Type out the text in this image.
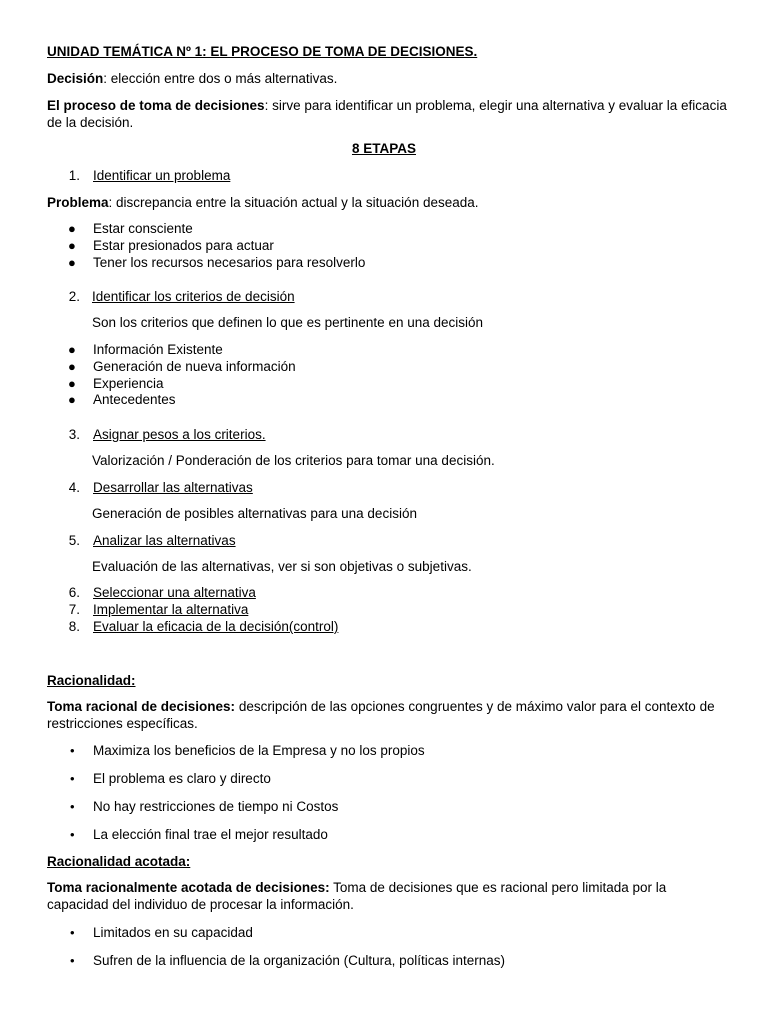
UNIDAD TEMÁTICA Nº 1: EL PROCESO DE TOMA DE DECISIONES.
Decisión: elección entre dos o más alternativas.
El proceso de toma de decisiones: sirve para identificar un problema, elegir una alternativa y evaluar la eficacia de la decisión.
8 ETAPAS
1. Identificar un problema
Problema: discrepancia entre la situación actual y la situación deseada.
● Estar consciente
● Estar presionados para actuar
● Tener los recursos necesarios para resolverlo
2. Identificar los criterios de decisión
Son los criterios que definen lo que es pertinente en una decisión
● Información Existente
● Generación de nueva información
● Experiencia
● Antecedentes
3. Asignar pesos a los criterios.
Valorización / Ponderación de los criterios para tomar una decisión.
4. Desarrollar las alternativas
Generación de posibles alternativas para una decisión
5. Analizar las alternativas
Evaluación de las alternativas, ver si son objetivas o subjetivas.
6. Seleccionar una alternativa
7. Implementar la alternativa
8. Evaluar la eficacia de la decisión(control)
Racionalidad:
Toma racional de decisiones: descripción de las opciones congruentes y de máximo valor para el contexto de restricciones específicas.
• Maximiza los beneficios de la Empresa y no los propios
• El problema es claro y directo
• No hay restricciones de tiempo ni Costos
• La elección final trae el mejor resultado
Racionalidad acotada:
Toma racionalmente acotada de decisiones: Toma de decisiones que es racional pero limitada por la capacidad del individuo de procesar la información.
• Limitados en su capacidad
• Sufren de la influencia de la organización (Cultura, políticas internas)
